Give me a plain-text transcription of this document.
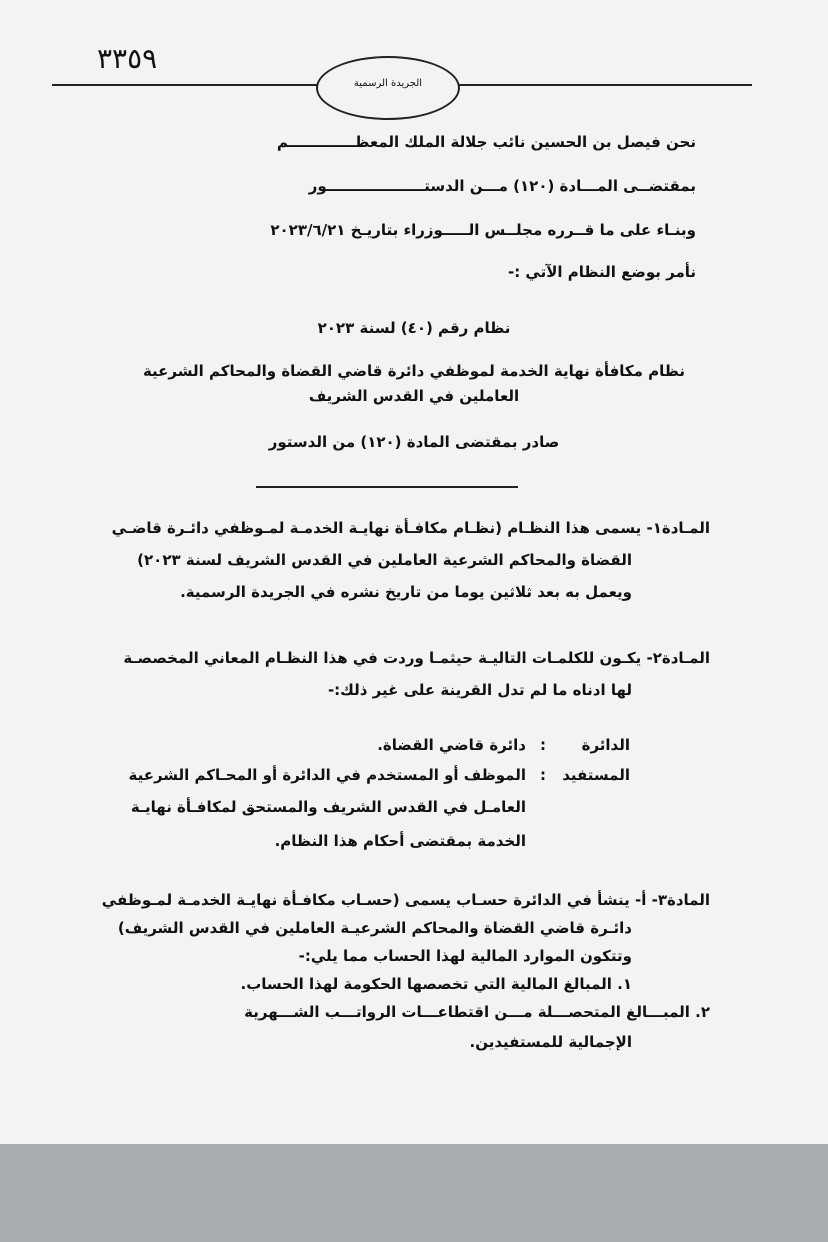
٣٣٥٩
الجريدة الرسمية
نحن فيصل بن الحسين نائب جلالة الملك المعظـــــــــــــم
بمقتضــى المـــادة (١٢٠) مـــن الدستـــــــــــــــــــور
وبنـاء على ما قــرره مجلــس الـــــوزراء بتاريـخ ٢٠٢٣/٦/٢١
نأمر بوضع النظام الآتي :-
نظام رقم (٤٠) لسنة ٢٠٢٣
نظام مكافأة نهاية الخدمة لموظفي دائرة قاضي القضاة والمحاكم الشرعية
العاملين في القدس الشريف
صادر بمقتضى المادة (١٢٠) من الدستور
المـادة١- يسمى هذا النظـام (نظـام مكافـأة نهايـة الخدمـة لمـوظفي دائـرة قاضـي
القضاة والمحاكم الشرعية العاملين في القدس الشريف لسنة ٢٠٢٣)
ويعمل به بعد ثلاثين يوما من تاريخ نشره في الجريدة الرسمية.
المـادة٢- يكـون للكلمـات التاليـة حيثمـا وردت في هذا النظـام المعاني المخصصـة
لها ادناه ما لم تدل القرينة على غير ذلك:-
الدائرة
:
دائرة قاضي القضاة.
المستفيد
:
الموظف أو المستخدم في الدائرة أو المحـاكم الشرعية
العامـل في القدس الشريف والمستحق لمكافـأة نهايـة
الخدمة بمقتضى أحكام هذا النظام.
المادة٣- أ- ينشأ في الدائرة حسـاب يسمى (حسـاب مكافـأة نهايـة الخدمـة لمـوظفي
دائـرة قاضي القضاة والمحاكم الشرعيـة العاملين في القدس الشريف)
وتتكون الموارد المالية لهذا الحساب مما يلي:-
١. المبالغ المالية التي تخصصها الحكومة لهذا الحساب.
٢. المبـــالغ المتحصـــلة مـــن اقتطاعـــات الرواتـــب الشـــهرية
الإجمالية للمستفيدين.
